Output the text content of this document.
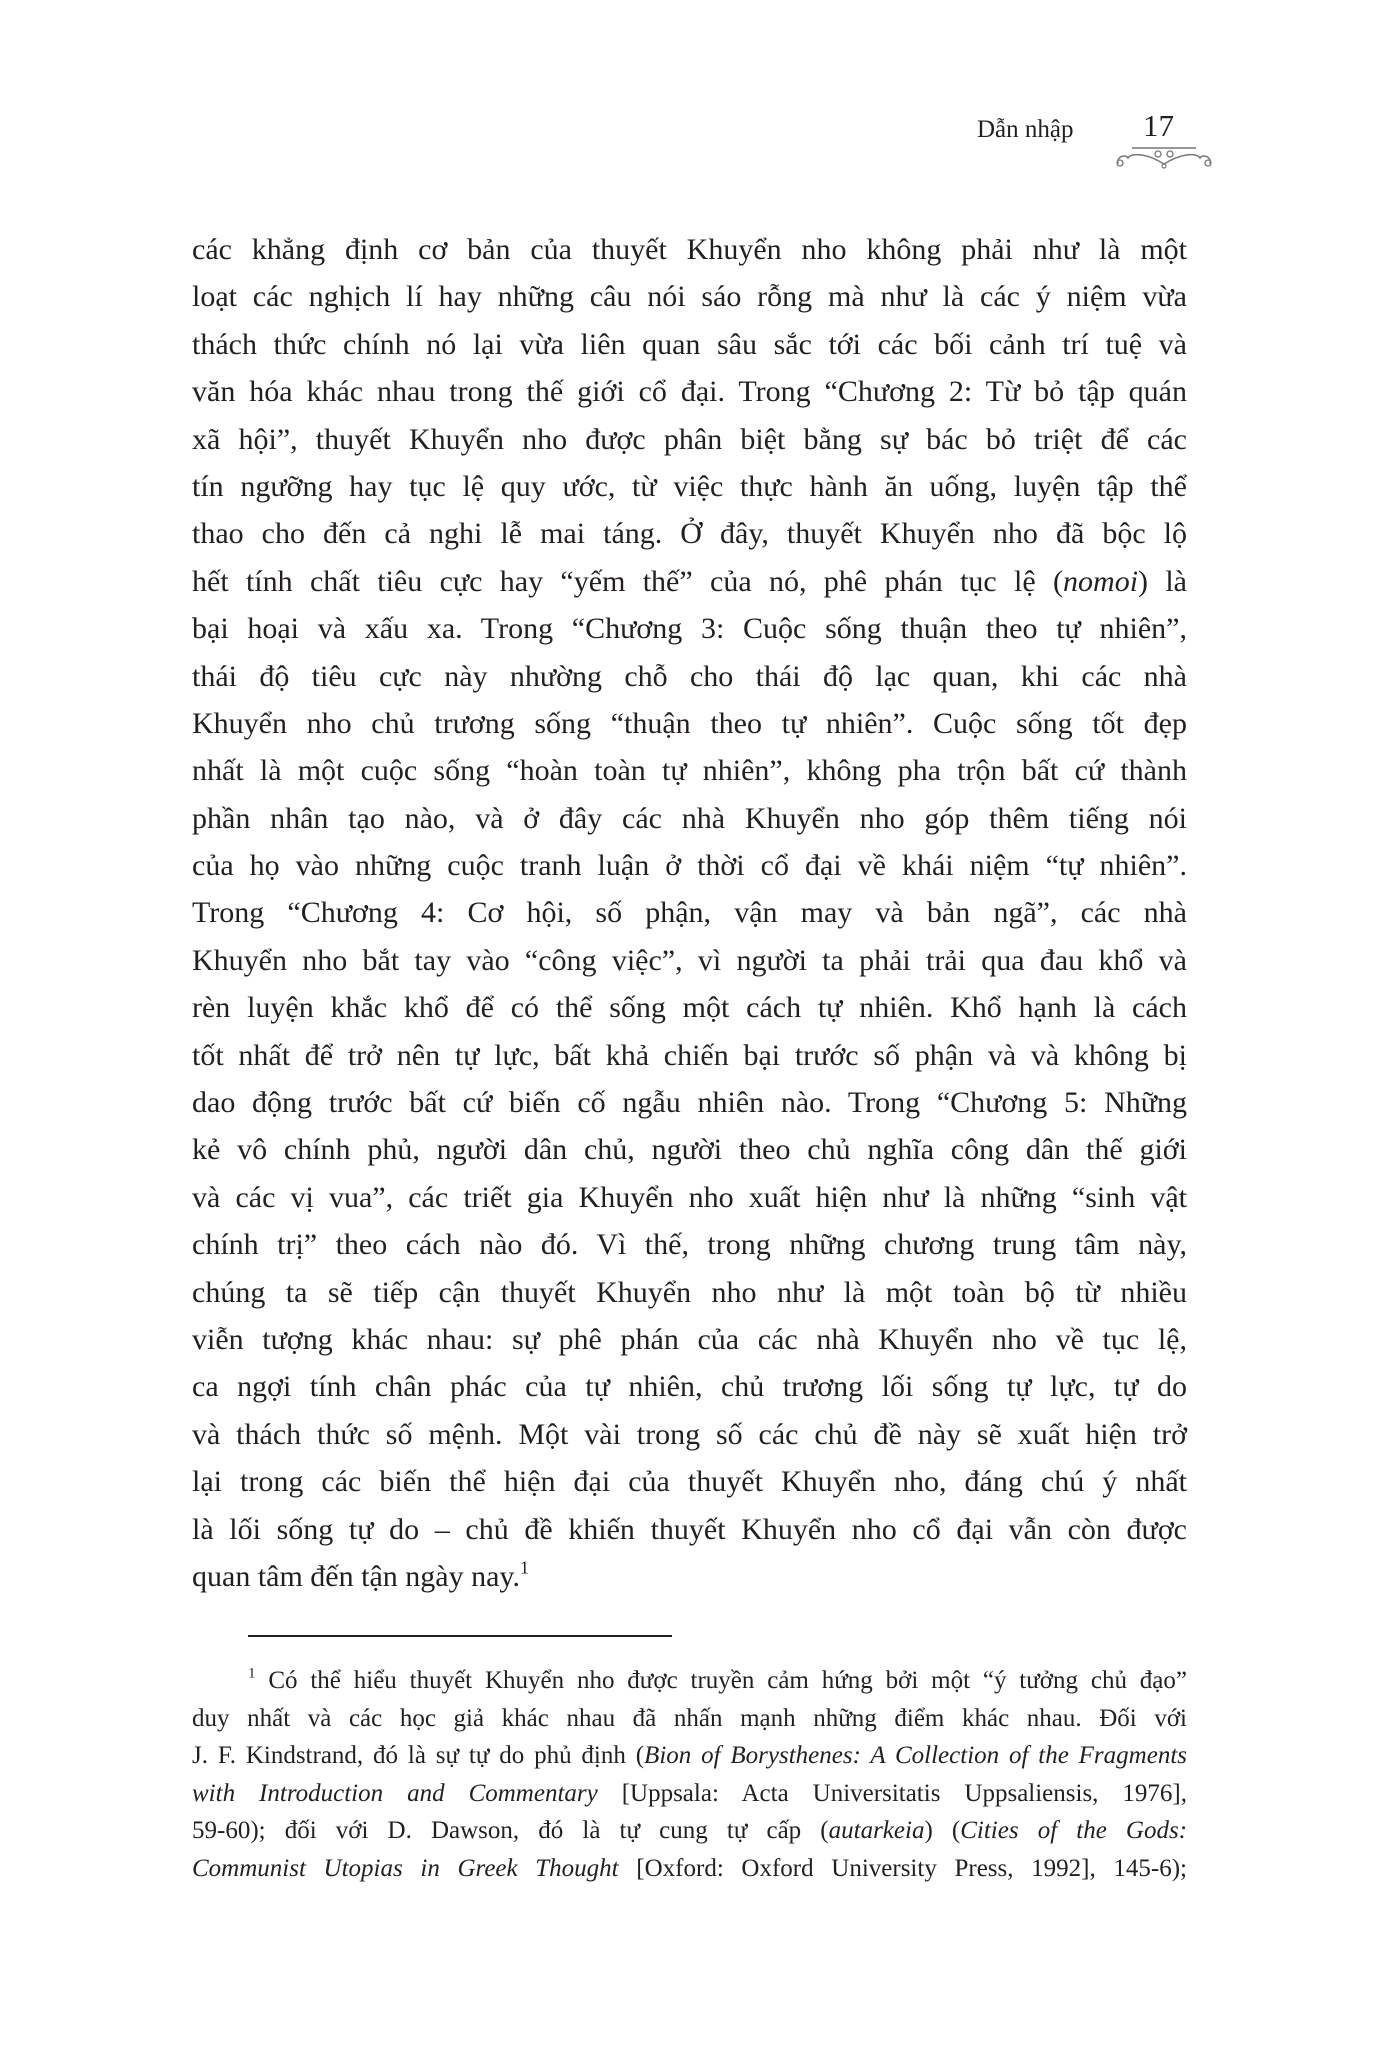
Dẫn nhập 17
các khẳng định cơ bản của thuyết Khuyển nho không phải như là một
loạt các nghịch lí hay những câu nói sáo rỗng mà như là các ý niệm vừa
thách thức chính nó lại vừa liên quan sâu sắc tới các bối cảnh trí tuệ và
văn hóa khác nhau trong thế giới cổ đại. Trong “Chương 2: Từ bỏ tập quán
xã hội”, thuyết Khuyển nho được phân biệt bằng sự bác bỏ triệt để các
tín ngưỡng hay tục lệ quy ước, từ việc thực hành ăn uống, luyện tập thể
thao cho đến cả nghi lễ mai táng. Ở đây, thuyết Khuyển nho đã bộc lộ
hết tính chất tiêu cực hay “yếm thế” của nó, phê phán tục lệ (nomoi) là
bại hoại và xấu xa. Trong “Chương 3: Cuộc sống thuận theo tự nhiên”,
thái độ tiêu cực này nhường chỗ cho thái độ lạc quan, khi các nhà
Khuyển nho chủ trương sống “thuận theo tự nhiên”. Cuộc sống tốt đẹp
nhất là một cuộc sống “hoàn toàn tự nhiên”, không pha trộn bất cứ thành
phần nhân tạo nào, và ở đây các nhà Khuyển nho góp thêm tiếng nói
của họ vào những cuộc tranh luận ở thời cổ đại về khái niệm “tự nhiên”.
Trong “Chương 4: Cơ hội, số phận, vận may và bản ngã”, các nhà
Khuyển nho bắt tay vào “công việc”, vì người ta phải trải qua đau khổ và
rèn luyện khắc khổ để có thể sống một cách tự nhiên. Khổ hạnh là cách
tốt nhất để trở nên tự lực, bất khả chiến bại trước số phận và và không bị
dao động trước bất cứ biến cố ngẫu nhiên nào. Trong “Chương 5: Những
kẻ vô chính phủ, người dân chủ, người theo chủ nghĩa công dân thế giới
và các vị vua”, các triết gia Khuyển nho xuất hiện như là những “sinh vật
chính trị” theo cách nào đó. Vì thế, trong những chương trung tâm này,
chúng ta sẽ tiếp cận thuyết Khuyển nho như là một toàn bộ từ nhiều
viễn tượng khác nhau: sự phê phán của các nhà Khuyển nho về tục lệ,
ca ngợi tính chân phác của tự nhiên, chủ trương lối sống tự lực, tự do
và thách thức số mệnh. Một vài trong số các chủ đề này sẽ xuất hiện trở
lại trong các biến thể hiện đại của thuyết Khuyển nho, đáng chú ý nhất
là lối sống tự do – chủ đề khiến thuyết Khuyển nho cổ đại vẫn còn được
quan tâm đến tận ngày nay.$^1$
$^1$ Có thể hiểu thuyết Khuyển nho được truyền cảm hứng bởi một “ý tưởng chủ đạo”
duy nhất và các học giả khác nhau đã nhấn mạnh những điểm khác nhau. Đối với
J. F. Kindstrand, đó là sự tự do phủ định (Bion of Borysthenes: A Collection of the Fragments
with Introduction and Commentary [Uppsala: Acta Universitatis Uppsaliensis, 1976],
59-60); đối với D. Dawson, đó là tự cung tự cấp (autarkeia) (Cities of the Gods:
Communist Utopias in Greek Thought [Oxford: Oxford University Press, 1992], 145-6);
